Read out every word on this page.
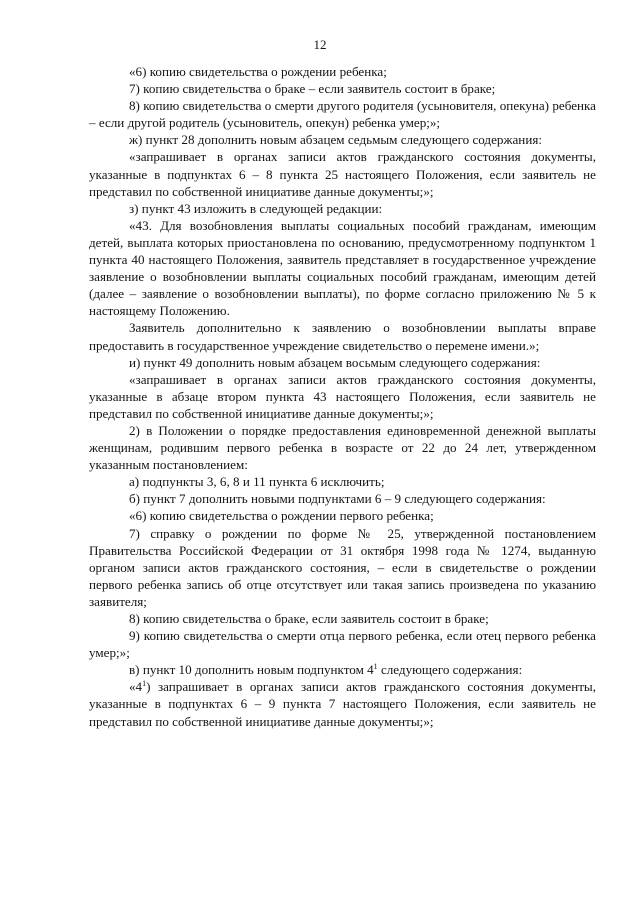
12

«6) копию свидетельства о рождении ребенка;

7) копию свидетельства о браке – если заявитель состоит в браке;

8) копию свидетельства о смерти другого родителя (усыновителя, опекуна) ребенка – если другой родитель (усыновитель, опекун) ребенка умер;»;

ж) пункт 28 дополнить новым абзацем седьмым следующего содержания:

«запрашивает в органах записи актов гражданского состояния документы, указанные в подпунктах 6 – 8 пункта 25 настоящего Положения, если заявитель не представил по собственной инициативе данные документы;»;

з) пункт 43 изложить в следующей редакции:

«43. Для возобновления выплаты социальных пособий гражданам, имеющим детей, выплата которых приостановлена по основанию, предусмотренному подпунктом 1 пункта 40 настоящего Положения, заявитель представляет в государственное учреждение заявление о возобновлении выплаты социальных пособий гражданам, имеющим детей (далее – заявление о возобновлении выплаты), по форме согласно приложению № 5 к настоящему Положению.

Заявитель дополнительно к заявлению о возобновлении выплаты вправе предоставить в государственное учреждение свидетельство о перемене имени.»;

и) пункт 49 дополнить новым абзацем восьмым следующего содержания:

«запрашивает в органах записи актов гражданского состояния документы, указанные в абзаце втором пункта 43 настоящего Положения, если заявитель не представил по собственной инициативе данные документы;»;

2) в Положении о порядке предоставления единовременной денежной выплаты женщинам, родившим первого ребенка в возрасте от 22 до 24 лет, утвержденном указанным постановлением:

а) подпункты 3, 6, 8 и 11 пункта 6 исключить;

б) пункт 7 дополнить новыми подпунктами 6 – 9 следующего содержания:

«6) копию свидетельства о рождении первого ребенка;

7) справку о рождении по форме № 25, утвержденной постановлением Правительства Российской Федерации от 31 октября 1998 года № 1274, выданную органом записи актов гражданского состояния, – если в свидетельстве о рождении первого ребенка запись об отце отсутствует или такая запись произведена по указанию заявителя;

8) копию свидетельства о браке, если заявитель состоит в браке;

9) копию свидетельства о смерти отца первого ребенка, если отец первого ребенка умер;»;

в) пункт 10 дополнить новым подпунктом $4^1$ следующего содержания:

«$4^1$) запрашивает в органах записи актов гражданского состояния документы, указанные в подпунктах 6 – 9 пункта 7 настоящего Положения, если заявитель не представил по собственной инициативе данные документы;»;
